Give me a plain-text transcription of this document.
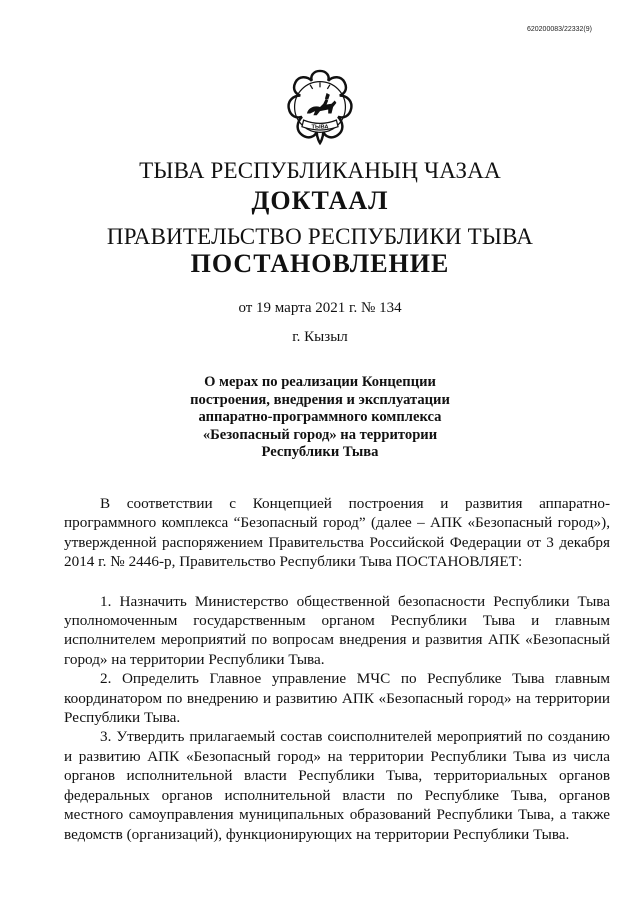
620200083/22332(9)
ТЫВА
ТЫВА РЕСПУБЛИКАНЫҢ ЧАЗАА
ДОКТААЛ
ПРАВИТЕЛЬСТВО РЕСПУБЛИКИ ТЫВА
ПОСТАНОВЛЕНИЕ
от 19 марта 2021 г. № 134
г. Кызыл
О мерах по реализации Концепции построения, внедрения и эксплуатации аппаратно-программного комплекса «Безопасный город» на территории Республики Тыва

В соответствии с Концепцией построения и развития аппаратно-программного комплекса “Безопасный город” (далее – АПК «Безопасный город»), утвержденной распоряжением Правительства Российской Федерации от 3 декабря 2014 г. № 2446-р, Правительство Республики Тыва ПОСТАНОВЛЯЕТ:

1. Назначить Министерство общественной безопасности Республики Тыва уполномоченным государственным органом Республики Тыва и главным исполнителем мероприятий по вопросам внедрения и развития АПК «Безопасный город» на территории Республики Тыва.

2. Определить Главное управление МЧС по Республике Тыва главным координатором по внедрению и развитию АПК «Безопасный город» на территории Республики Тыва.

3. Утвердить прилагаемый состав соисполнителей мероприятий по созданию и развитию АПК «Безопасный город» на территории Республики Тыва из числа органов исполнительной власти Республики Тыва, территориальных органов федеральных органов исполнительной власти по Республике Тыва, органов местного самоуправления муниципальных образований Республики Тыва, а также ведомств (организаций), функционирующих на территории Республики Тыва.
